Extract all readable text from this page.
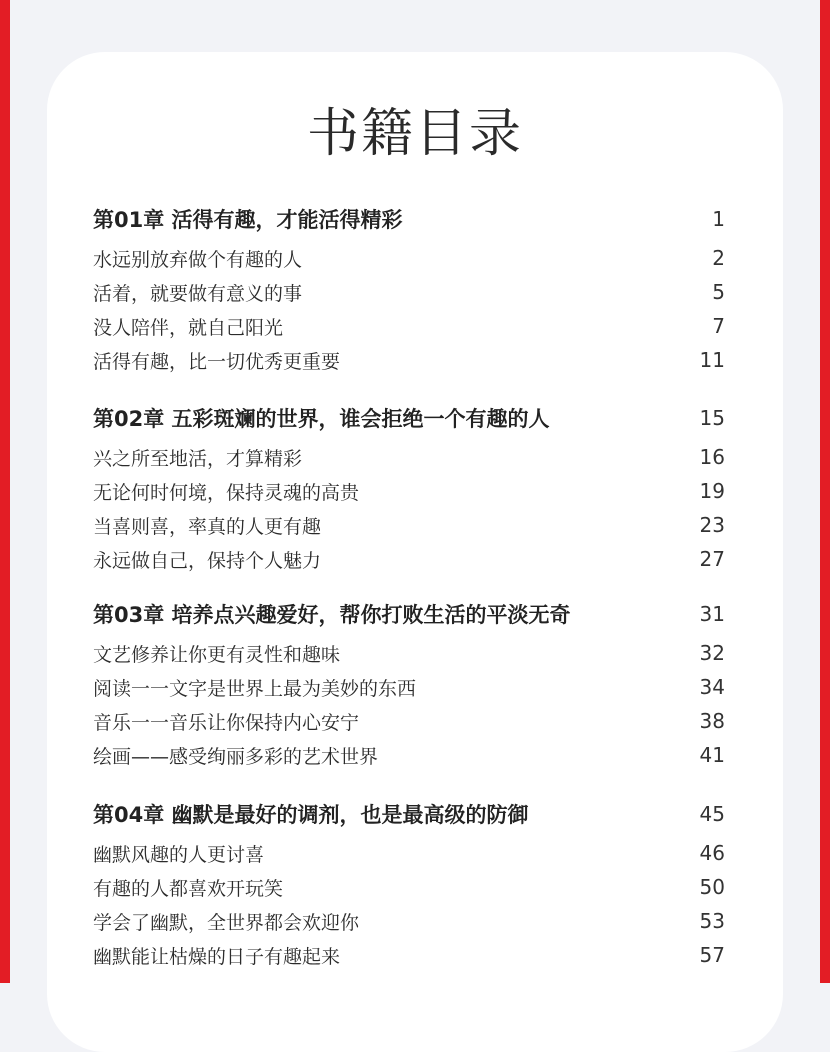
书籍目录
第01章 活得有趣，才能活得精彩	1
水远别放弃做个有趣的人	2
活着，就要做有意义的事	5
没人陪伴，就自己阳光	7
活得有趣，比一切优秀更重要	11
第02章 五彩斑斓的世界，谁会拒绝一个有趣的人	15
兴之所至地活，才算精彩	16
无论何时何境，保持灵魂的高贵	19
当喜则喜，率真的人更有趣	23
永远做自己，保持个人魅力	27
第03章 培养点兴趣爱好，帮你打败生活的平淡无奇	31
文艺修养让你更有灵性和趣味	32
阅读一一文字是世界上最为美妙的东西	34
音乐一一音乐让你保持内心安宁	38
绘画——感受绚丽多彩的艺术世界	41
第04章 幽默是最好的调剂，也是最高级的防御	45
幽默风趣的人更讨喜	46
有趣的人都喜欢开玩笑	50
学会了幽默，全世界都会欢迎你	53
幽默能让枯燥的日子有趣起来	57
